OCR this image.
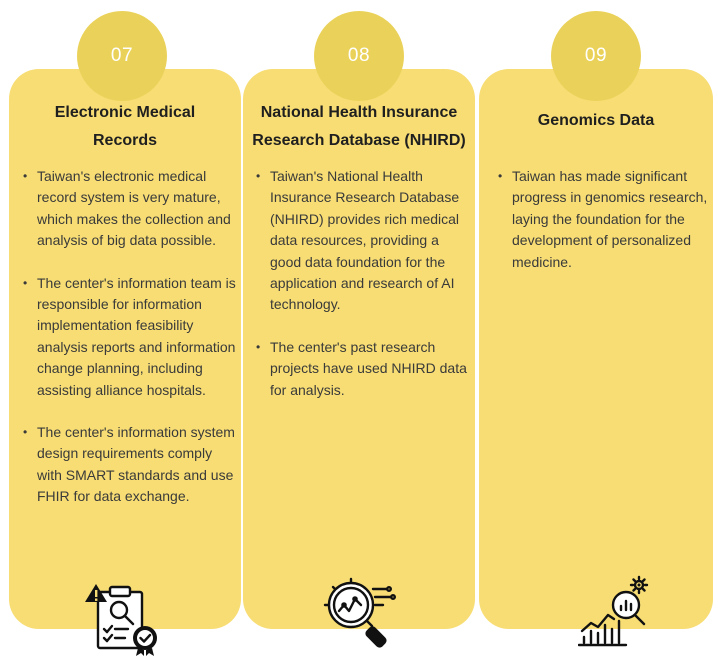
Electronic Medical Records
• Taiwan's electronic medical record system is very mature, which makes the collection and analysis of big data possible.
• The center's information team is responsible for information implementation feasibility analysis reports and information change planning, including assisting alliance hospitals.
• The center's information system design requirements comply with SMART standards and use FHIR for data exchange.
National Health Insurance Research Database (NHIRD)
• Taiwan's National Health Insurance Research Database (NHIRD) provides rich medical data resources, providing a good data foundation for the application and research of AI technology.
• The center's past research projects have used NHIRD data for analysis.
Genomics Data
• Taiwan has made significant progress in genomics research, laying the foundation for the development of personalized medicine.
07	08	09
